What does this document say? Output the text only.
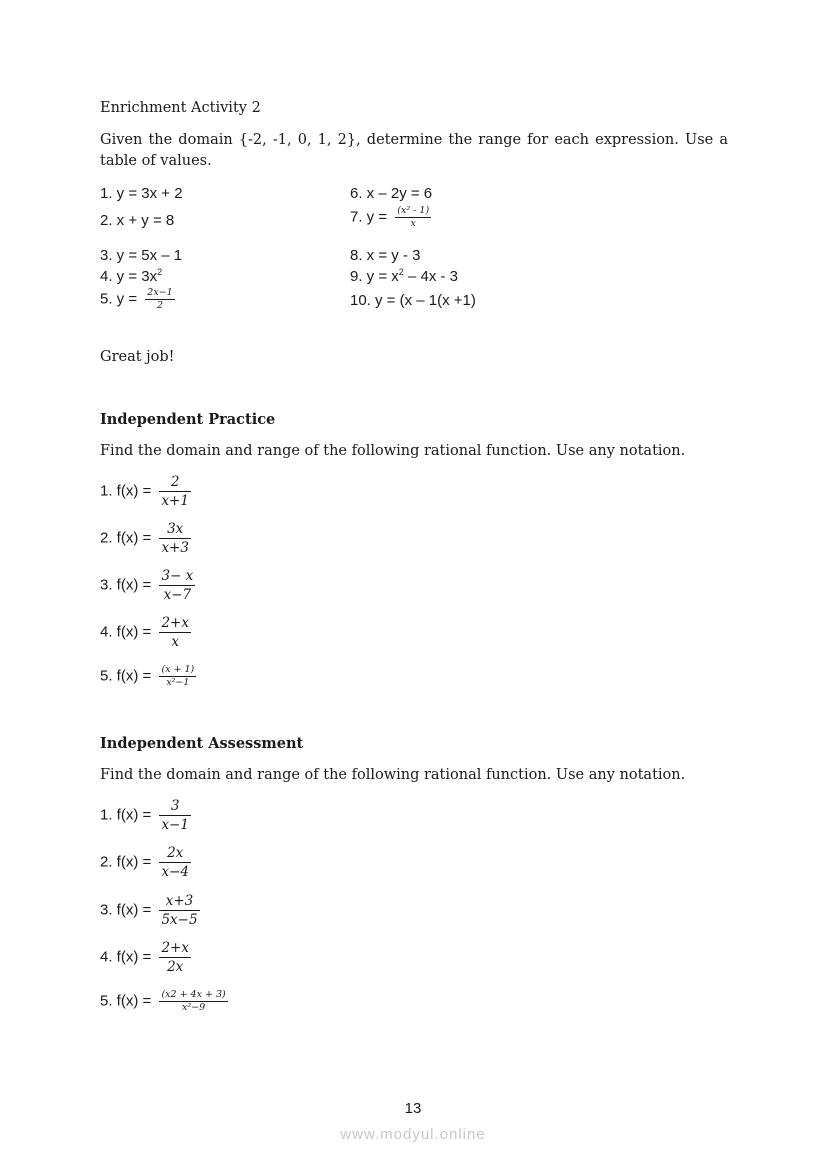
Enrichment Activity 2
Given the domain {-2, -1, 0, 1, 2}, determine the range for each expression. Use a table of values.
1. y = 3x + 2
2. x + y = 8
3. y = 5x – 1
4. $y = 3x^2$
5. $y = \frac{2x-1}{2}$
6. x – 2y = 6
7. $y = \frac{\text{(x² - 1)}}{x}$
8. x = y - 3
9. $y = x^2 - 4x - 3$
10. y = (x – 1(x +1)
Great job!
Independent Practice
Find the domain and range of the following rational function. Use any notation.
1. $f(x) = \frac{2}{x+1}$
2. $f(x) = \frac{3x}{x+3}$
3. $f(x) = \frac{3- x}{x-7}$
4. $f(x) = \frac{2+x}{x}$
5. $f(x) = \frac{(x + 1)}{\text{x²−1}}$
Independent Assessment
Find the domain and range of the following rational function. Use any notation.
1. $f(x) = \frac{3}{x-1}$
2. $f(x) = \frac{2x}{x-4}$
3. $f(x) = \frac{x+3}{5x-5}$
4. $f(x) = \frac{2+x}{2x}$
5. $f(x) = \frac{(x2 + 4x + 3)}{\text{x²−9}}$
13
www.modyul.online
